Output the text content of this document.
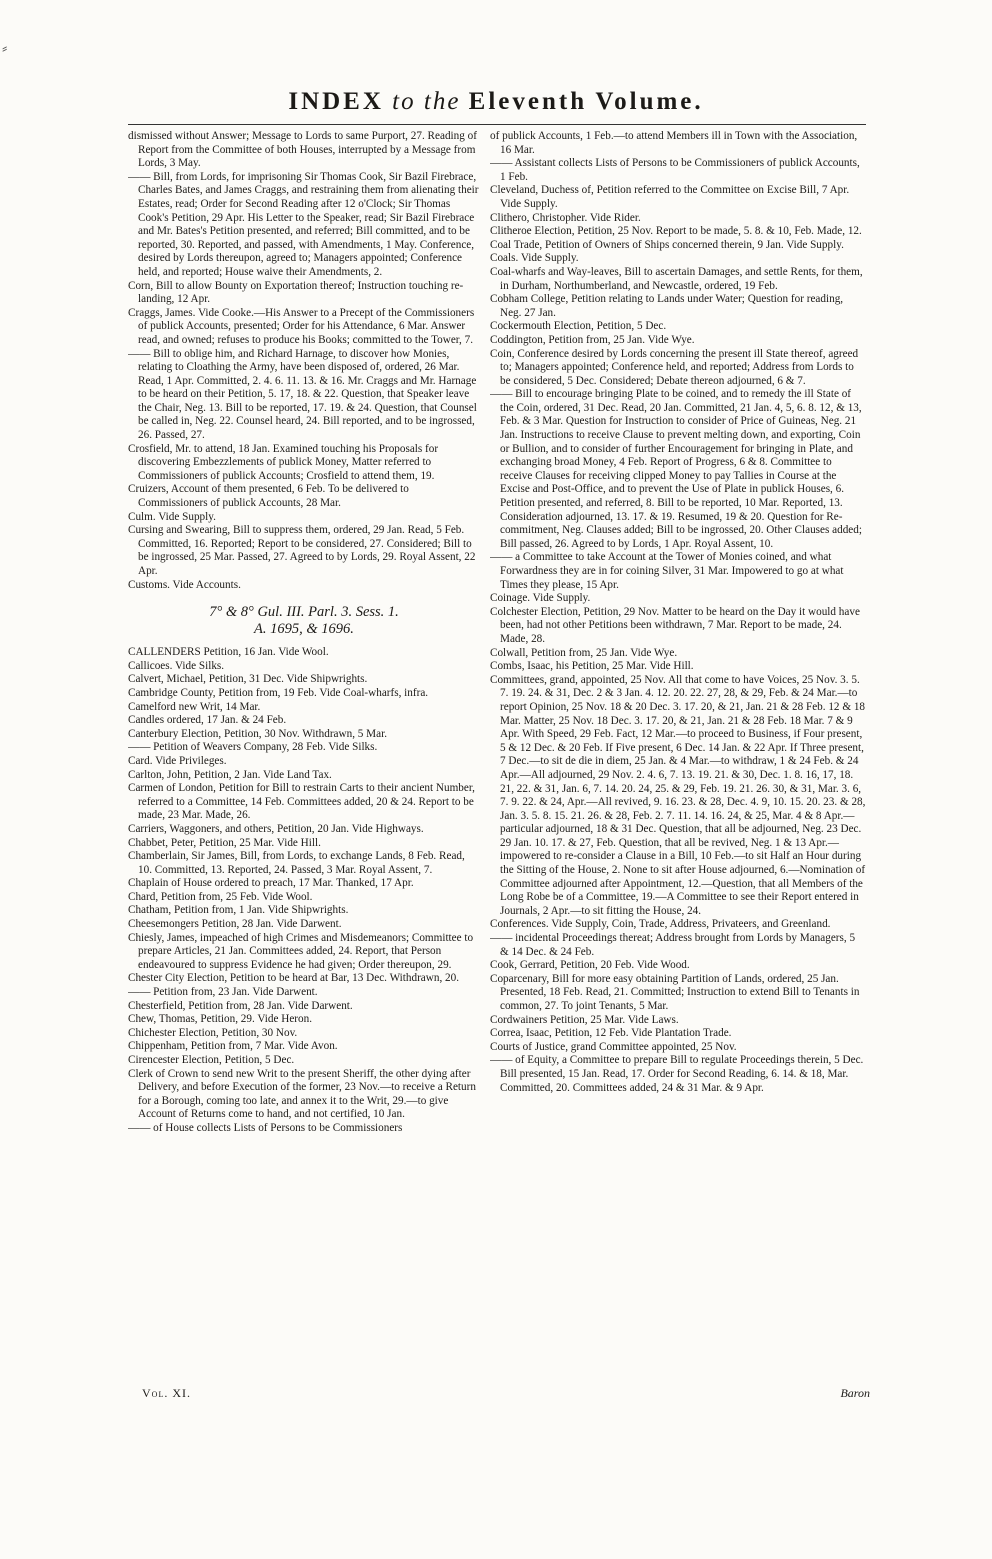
⸗
INDEX to the Eleventh Volume.

dismissed without Answer; Message to Lords to same Purport, 27. Reading of Report from the Committee of both Houses, interrupted by a Message from Lords, 3 May.

—— Bill, from Lords, for imprisoning Sir Thomas Cook, Sir Bazil Firebrace, Charles Bates, and James Craggs, and restraining them from alienating their Estates, read; Order for Second Reading after 12 o'Clock; Sir Thomas Cook's Petition, 29 Apr. His Letter to the Speaker, read; Sir Bazil Firebrace and Mr. Bates's Petition presented, and referred; Bill committed, and to be reported, 30. Reported, and passed, with Amendments, 1 May. Conference, desired by Lords thereupon, agreed to; Managers appointed; Conference held, and reported; House waive their Amendments, 2.

Corn, Bill to allow Bounty on Exportation thereof; Instruction touching re-landing, 12 Apr.

Craggs, James. Vide Cooke.—His Answer to a Precept of the Commissioners of publick Accounts, presented; Order for his Attendance, 6 Mar. Answer read, and owned; refuses to produce his Books; committed to the Tower, 7.

—— Bill to oblige him, and Richard Harnage, to discover how Monies, relating to Cloathing the Army, have been disposed of, ordered, 26 Mar. Read, 1 Apr. Committed, 2. 4. 6. 11. 13. & 16. Mr. Craggs and Mr. Harnage to be heard on their Petition, 5. 17, 18. & 22. Question, that Speaker leave the Chair, Neg. 13. Bill to be reported, 17. 19. & 24. Question, that Counsel be called in, Neg. 22. Counsel heard, 24. Bill reported, and to be ingrossed, 26. Passed, 27.

Crosfield, Mr. to attend, 18 Jan. Examined touching his Proposals for discovering Embezzlements of publick Money, Matter referred to Commissioners of publick Accounts; Crosfield to attend them, 19.

Cruizers, Account of them presented, 6 Feb. To be delivered to Commissioners of publick Accounts, 28 Mar.

Culm. Vide Supply.

Cursing and Swearing, Bill to suppress them, ordered, 29 Jan. Read, 5 Feb. Committed, 16. Reported; Report to be considered, 27. Considered; Bill to be ingrossed, 25 Mar. Passed, 27. Agreed to by Lords, 29. Royal Assent, 22 Apr.

Customs. Vide Accounts.

7° & 8° Gul. III. Parl. 3. Sess. 1.
A. 1695, & 1696.

CALLENDERS Petition, 16 Jan. Vide Wool.

Callicoes. Vide Silks.

Calvert, Michael, Petition, 31 Dec. Vide Shipwrights.

Cambridge County, Petition from, 19 Feb. Vide Coal-wharfs, infra.

Camelford new Writ, 14 Mar.

Candles ordered, 17 Jan. & 24 Feb.

Canterbury Election, Petition, 30 Nov. Withdrawn, 5 Mar.

—— Petition of Weavers Company, 28 Feb. Vide Silks.

Card. Vide Privileges.

Carlton, John, Petition, 2 Jan. Vide Land Tax.

Carmen of London, Petition for Bill to restrain Carts to their ancient Number, referred to a Committee, 14 Feb. Committees added, 20 & 24. Report to be made, 23 Mar. Made, 26.

Carriers, Waggoners, and others, Petition, 20 Jan. Vide Highways.

Chabbet, Peter, Petition, 25 Mar. Vide Hill.

Chamberlain, Sir James, Bill, from Lords, to exchange Lands, 8 Feb. Read, 10. Committed, 13. Reported, 24. Passed, 3 Mar. Royal Assent, 7.

Chaplain of House ordered to preach, 17 Mar. Thanked, 17 Apr.

Chard, Petition from, 25 Feb. Vide Wool.

Chatham, Petition from, 1 Jan. Vide Shipwrights.

Cheesemongers Petition, 28 Jan. Vide Darwent.

Chiesly, James, impeached of high Crimes and Misdemeanors; Committee to prepare Articles, 21 Jan. Committees added, 24. Report, that Person endeavoured to suppress Evidence he had given; Order thereupon, 29.

Chester City Election, Petition to be heard at Bar, 13 Dec. Withdrawn, 20.

—— Petition from, 23 Jan. Vide Darwent.

Chesterfield, Petition from, 28 Jan. Vide Darwent.

Chew, Thomas, Petition, 29. Vide Heron.

Chichester Election, Petition, 30 Nov.

Chippenham, Petition from, 7 Mar. Vide Avon.

Cirencester Election, Petition, 5 Dec.

Clerk of Crown to send new Writ to the present Sheriff, the other dying after Delivery, and before Execution of the former, 23 Nov.—to receive a Return for a Borough, coming too late, and annex it to the Writ, 29.—to give Account of Returns come to hand, and not certified, 10 Jan.

—— of House collects Lists of Persons to be Commissioners

of publick Accounts, 1 Feb.—to attend Members ill in Town with the Association, 16 Mar.

—— Assistant collects Lists of Persons to be Commissioners of publick Accounts, 1 Feb.

Cleveland, Duchess of, Petition referred to the Committee on Excise Bill, 7 Apr. Vide Supply.

Clithero, Christopher. Vide Rider.

Clitheroe Election, Petition, 25 Nov. Report to be made, 5. 8. & 10, Feb. Made, 12.

Coal Trade, Petition of Owners of Ships concerned therein, 9 Jan. Vide Supply.

Coals. Vide Supply.

Coal-wharfs and Way-leaves, Bill to ascertain Damages, and settle Rents, for them, in Durham, Northumberland, and Newcastle, ordered, 19 Feb.

Cobham College, Petition relating to Lands under Water; Question for reading, Neg. 27 Jan.

Cockermouth Election, Petition, 5 Dec.

Coddington, Petition from, 25 Jan. Vide Wye.

Coin, Conference desired by Lords concerning the present ill State thereof, agreed to; Managers appointed; Conference held, and reported; Address from Lords to be considered, 5 Dec. Considered; Debate thereon adjourned, 6 & 7.

—— Bill to encourage bringing Plate to be coined, and to remedy the ill State of the Coin, ordered, 31 Dec. Read, 20 Jan. Committed, 21 Jan. 4, 5, 6. 8. 12, & 13, Feb. & 3 Mar. Question for Instruction to consider of Price of Guineas, Neg. 21 Jan. Instructions to receive Clause to prevent melting down, and exporting, Coin or Bullion, and to consider of further Encouragement for bringing in Plate, and exchanging broad Money, 4 Feb. Report of Progress, 6 & 8. Committee to receive Clauses for receiving clipped Money to pay Tallies in Course at the Excise and Post-Office, and to prevent the Use of Plate in publick Houses, 6. Petition presented, and referred, 8. Bill to be reported, 10 Mar. Reported, 13. Consideration adjourned, 13. 17. & 19. Resumed, 19 & 20. Question for Re-commitment, Neg. Clauses added; Bill to be ingrossed, 20. Other Clauses added; Bill passed, 26. Agreed to by Lords, 1 Apr. Royal Assent, 10.

—— a Committee to take Account at the Tower of Monies coined, and what Forwardness they are in for coining Silver, 31 Mar. Impowered to go at what Times they please, 15 Apr.

Coinage. Vide Supply.

Colchester Election, Petition, 29 Nov. Matter to be heard on the Day it would have been, had not other Petitions been withdrawn, 7 Mar. Report to be made, 24. Made, 28.

Colwall, Petition from, 25 Jan. Vide Wye.

Combs, Isaac, his Petition, 25 Mar. Vide Hill.

Committees, grand, appointed, 25 Nov. All that come to have Voices, 25 Nov. 3. 5. 7. 19. 24. & 31, Dec. 2 & 3 Jan. 4. 12. 20. 22. 27, 28, & 29, Feb. & 24 Mar.—to report Opinion, 25 Nov. 18 & 20 Dec. 3. 17. 20, & 21, Jan. 21 & 28 Feb. 12 & 18 Mar. Matter, 25 Nov. 18 Dec. 3. 17. 20, & 21, Jan. 21 & 28 Feb. 18 Mar. 7 & 9 Apr. With Speed, 29 Feb. Fact, 12 Mar.—to proceed to Business, if Four present, 5 & 12 Dec. & 20 Feb. If Five present, 6 Dec. 14 Jan. & 22 Apr. If Three present, 7 Dec.—to sit de die in diem, 25 Jan. & 4 Mar.—to withdraw, 1 & 24 Feb. & 24 Apr.—All adjourned, 29 Nov. 2. 4. 6, 7. 13. 19. 21. & 30, Dec. 1. 8. 16, 17, 18. 21, 22. & 31, Jan. 6, 7. 14. 20. 24, 25. & 29, Feb. 19. 21. 26. 30, & 31, Mar. 3. 6, 7. 9. 22. & 24, Apr.—All revived, 9. 16. 23. & 28, Dec. 4. 9, 10. 15. 20. 23. & 28, Jan. 3. 5. 8. 15. 21. 26. & 28, Feb. 2. 7. 11. 14. 16. 24, & 25, Mar. 4 & 8 Apr.—particular adjourned, 18 & 31 Dec. Question, that all be adjourned, Neg. 23 Dec. 29 Jan. 10. 17. & 27, Feb. Question, that all be revived, Neg. 1 & 13 Apr.—impowered to re-consider a Clause in a Bill, 10 Feb.—to sit Half an Hour during the Sitting of the House, 2. None to sit after House adjourned, 6.—Nomination of Committee adjourned after Appointment, 12.—Question, that all Members of the Long Robe be of a Committee, 19.—A Committee to see their Report entered in Journals, 2 Apr.—to sit fitting the House, 24.

Conferences. Vide Supply, Coin, Trade, Address, Privateers, and Greenland.

—— incidental Proceedings thereat; Address brought from Lords by Managers, 5 & 14 Dec. & 24 Feb.

Cook, Gerrard, Petition, 20 Feb. Vide Wood.

Coparcenary, Bill for more easy obtaining Partition of Lands, ordered, 25 Jan. Presented, 18 Feb. Read, 21. Committed; Instruction to extend Bill to Tenants in common, 27. To joint Tenants, 5 Mar.

Cordwainers Petition, 25 Mar. Vide Laws.

Correa, Isaac, Petition, 12 Feb. Vide Plantation Trade.

Courts of Justice, grand Committee appointed, 25 Nov.

—— of Equity, a Committee to prepare Bill to regulate Proceedings therein, 5 Dec. Bill presented, 15 Jan. Read, 17. Order for Second Reading, 6. 14. & 18, Mar. Committed, 20. Committees added, 24 & 31 Mar. & 9 Apr.

Vol. XI.	Baron
